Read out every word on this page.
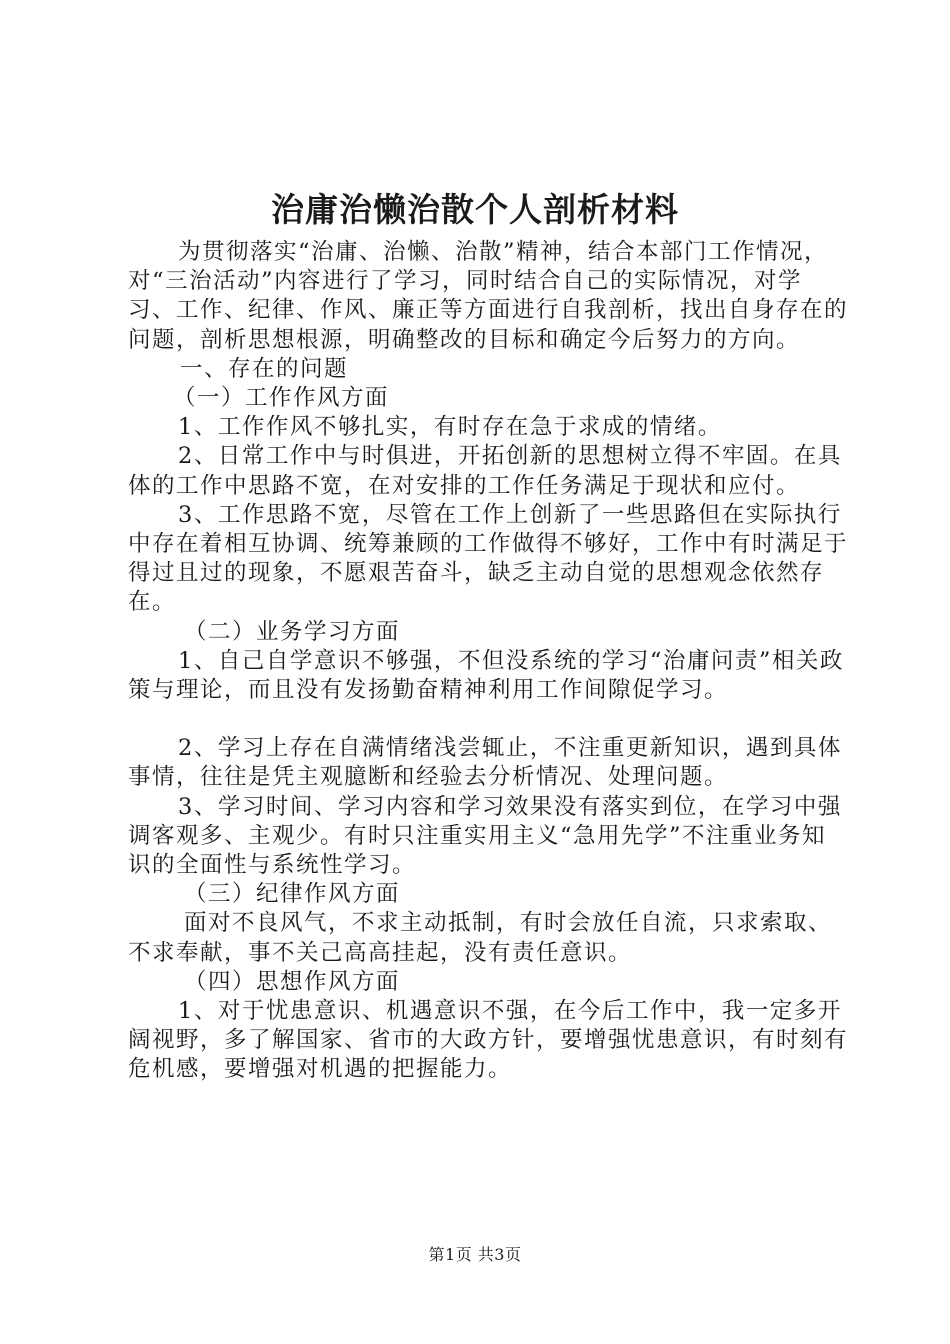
治庸治懒治散个人剖析材料

为贯彻落实“治庸、治懒、治散”精神，结合本部门工作情况，对“三治活动”内容进行了学习，同时结合自己的实际情况，对学习、工作、纪律、作风、廉正等方面进行自我剖析，找出自身存在的问题，剖析思想根源，明确整改的目标和确定今后努力的方向。

一、存在的问题

（一）工作作风方面

1、工作作风不够扎实，有时存在急于求成的情绪。

2、日常工作中与时俱进，开拓创新的思想树立得不牢固。在具体的工作中思路不宽，在对安排的工作任务满足于现状和应付。

3、工作思路不宽，尽管在工作上创新了一些思路但在实际执行中存在着相互协调、统筹兼顾的工作做得不够好，工作中有时满足于得过且过的现象，不愿艰苦奋斗，缺乏主动自觉的思想观念依然存在。

（二）业务学习方面

1、自己自学意识不够强，不但没系统的学习“治庸问责”相关政策与理论，而且没有发扬勤奋精神利用工作间隙促学习。

2、学习上存在自满情绪浅尝辄止，不注重更新知识，遇到具体事情，往往是凭主观臆断和经验去分析情况、处理问题。

3、学习时间、学习内容和学习效果没有落实到位，在学习中强调客观多、主观少。有时只注重实用主义“急用先学”不注重业务知识的全面性与系统性学习。

（三）纪律作风方面

面对不良风气，不求主动抵制，有时会放任自流，只求索取、不求奉献，事不关己高高挂起，没有责任意识。

（四）思想作风方面

1、对于忧患意识、机遇意识不强，在今后工作中，我一定多开阔视野，多了解国家、省市的大政方针，要增强忧患意识，有时刻有危机感，要增强对机遇的把握能力。

第1页 共3页
